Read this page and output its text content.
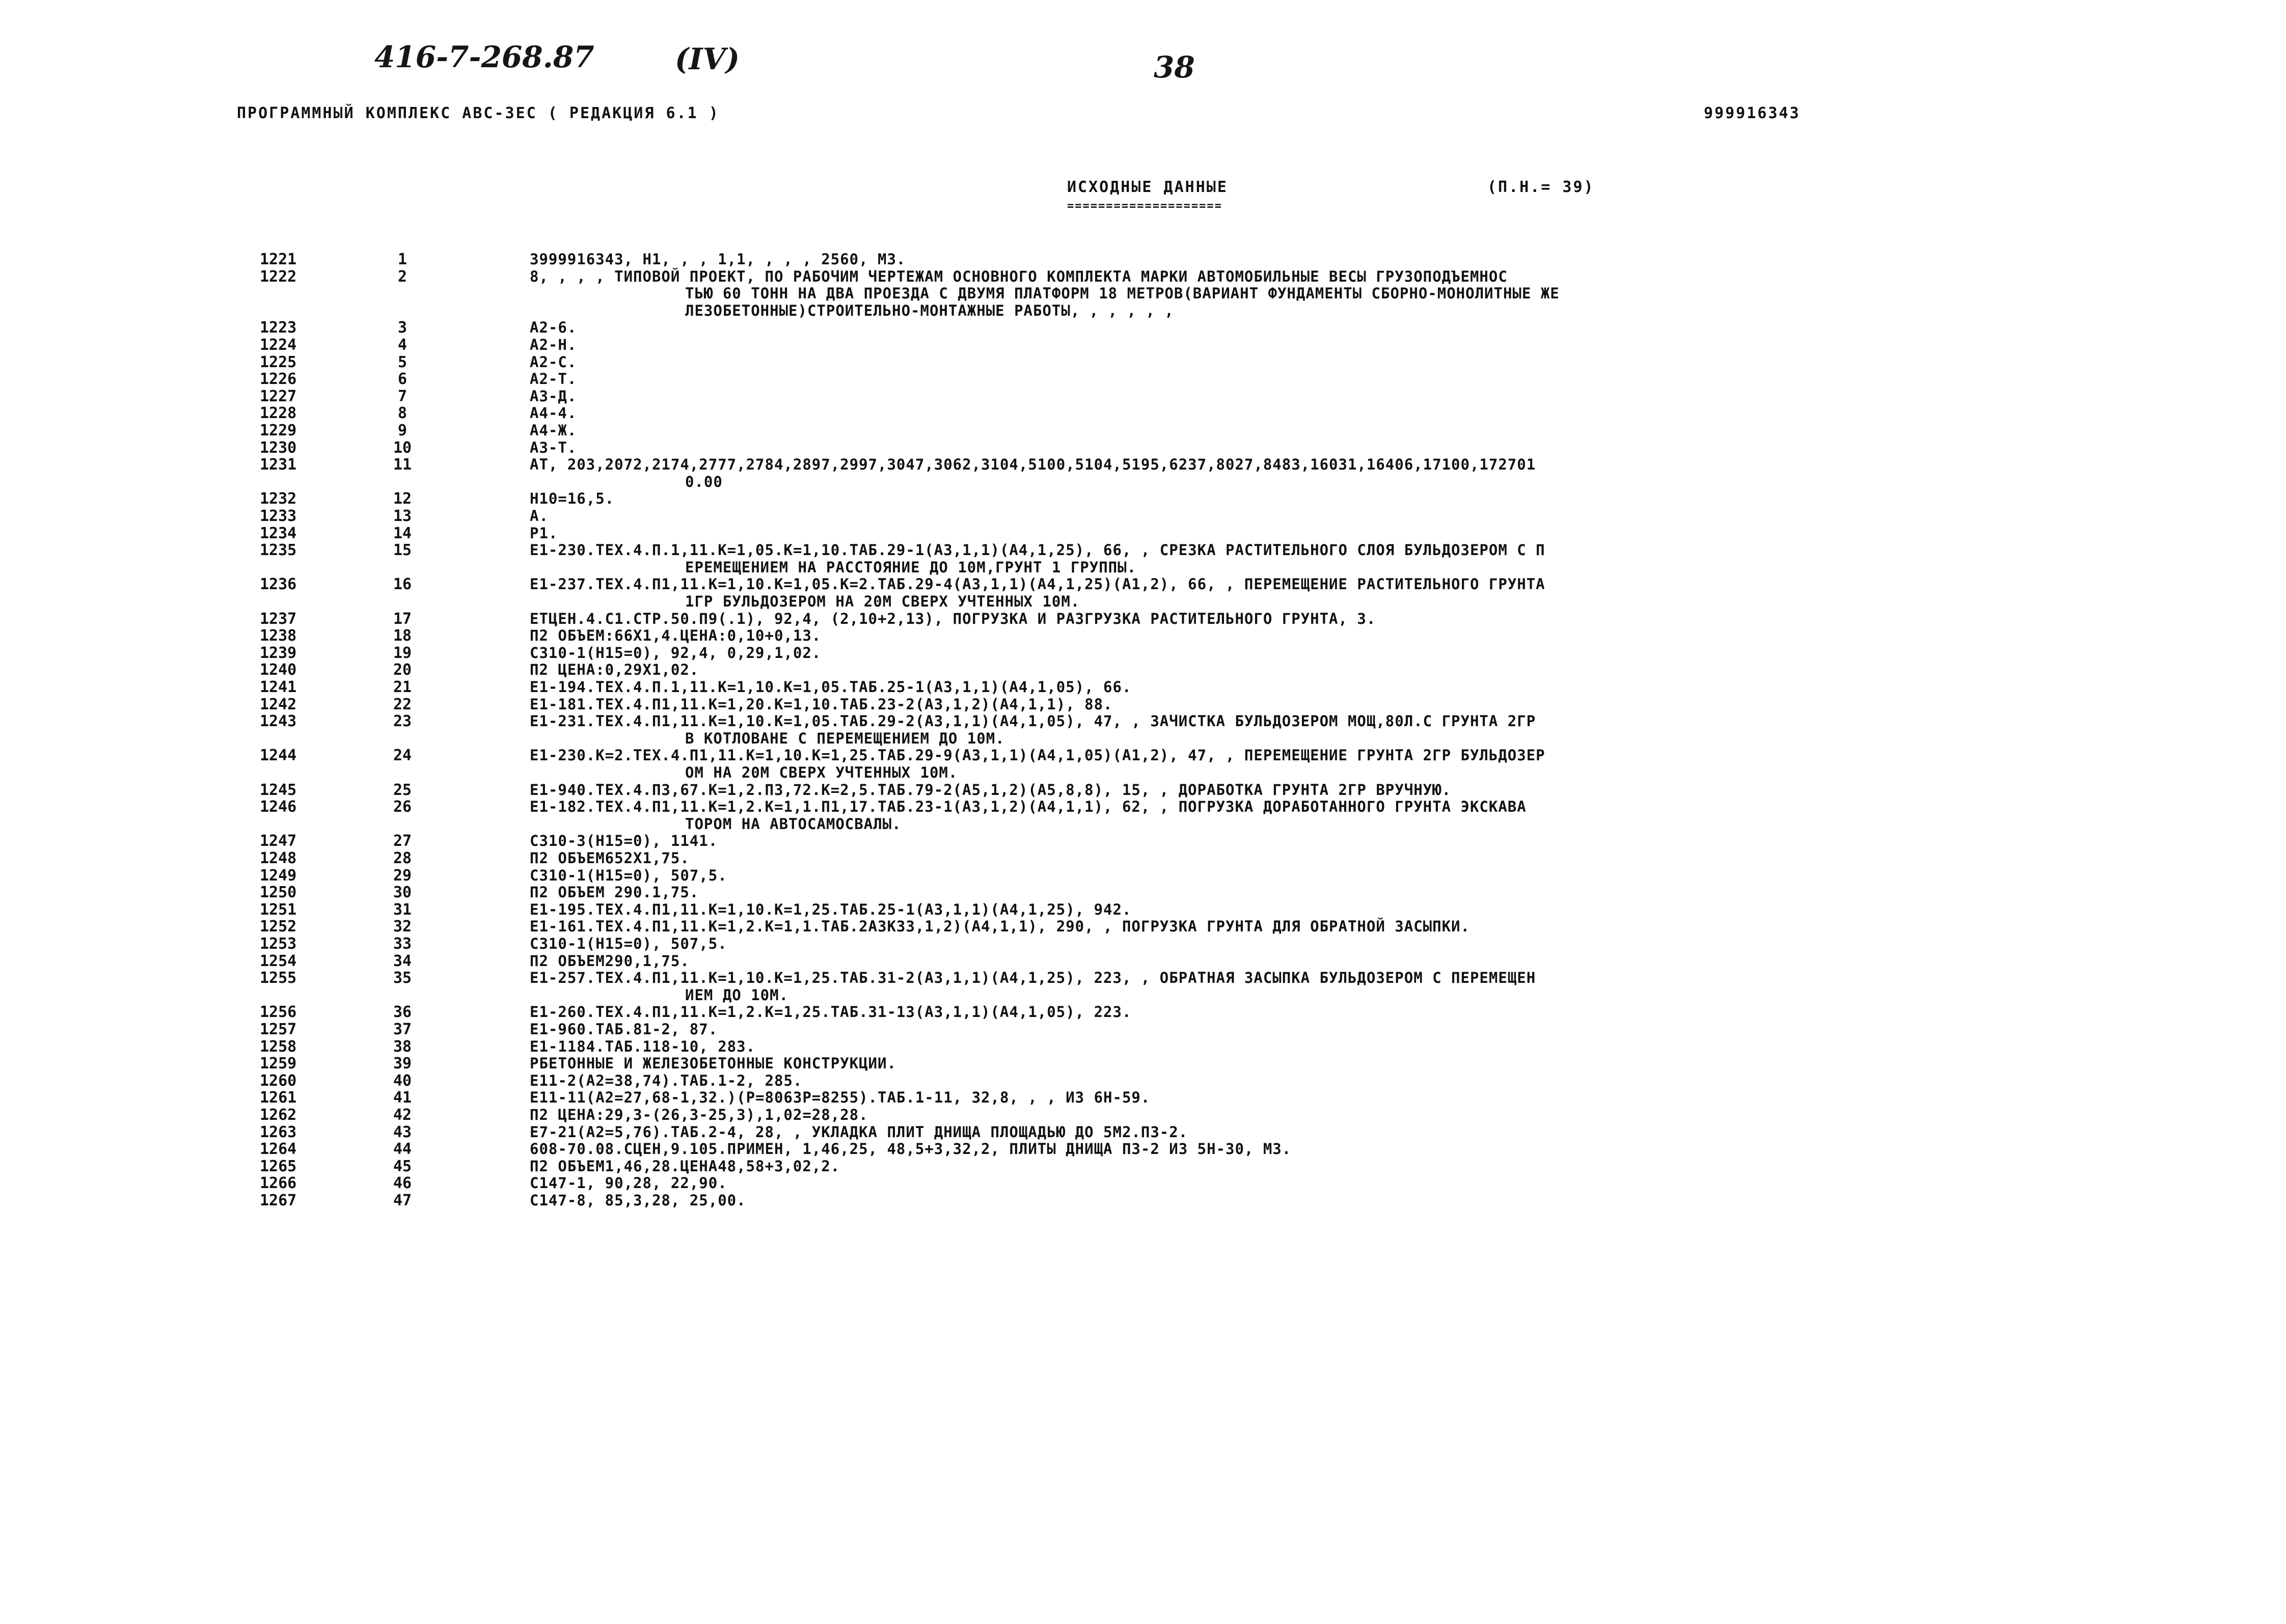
416-7-268.87	(IV)	38
ПРОГРАММНЫЙ КОМПЛЕКС АВС-3ЕС ( РЕДАКЦИЯ 6.1 )	999916343
ИСХОДНЫЕ ДАННЫЕ
====================
(П.Н.= 39)
1221	1	3999916343, Н1, , , 1,1, , , , 2560, М3.
1222	2	8, , , , ТИПОВОЙ ПРОЕКТ, ПО РАБОЧИМ ЧЕРТЕЖАМ ОСНОВНОГО КОМПЛЕКТА МАРКИ АВТОМОБИЛЬНЫЕ ВЕСЫ ГРУЗОПОДЪЕМНОС
ТЬЮ 60 ТОНН НА ДВА ПРОЕЗДА С ДВУМЯ ПЛАТФОРМ 18 МЕТРОВ(ВАРИАНТ ФУНДАМЕНТЫ СБОРНО-МОНОЛИТНЫЕ ЖЕ
ЛЕЗОБЕТОННЫЕ)СТРОИТЕЛЬНО-МОНТАЖНЫЕ РАБОТЫ, , , , , ,
1223	3	А2-6.
1224	4	А2-Н.
1225	5	А2-С.
1226	6	А2-Т.
1227	7	А3-Д.
1228	8	А4-4.
1229	9	А4-Ж.
1230	10	А3-Т.
1231	11	АТ, 203,2072,2174,2777,2784,2897,2997,3047,3062,3104,5100,5104,5195,6237,8027,8483,16031,16406,17100,172701
0.00
1232	12	Н10=16,5.
1233	13	А.
1234	14	Р1.
1235	15	Е1-230.ТЕХ.4.П.1,11.К=1,05.К=1,10.ТАБ.29-1(А3,1,1)(А4,1,25), 66, , СРЕЗКА РАСТИТЕЛЬНОГО СЛОЯ БУЛЬДОЗЕРОМ С П
ЕРЕМЕЩЕНИЕМ НА РАССТОЯНИЕ ДО 10М,ГРУНТ 1 ГРУППЫ.
1236	16	Е1-237.ТЕХ.4.П1,11.К=1,10.К=1,05.К=2.ТАБ.29-4(А3,1,1)(А4,1,25)(А1,2), 66, , ПЕРЕМЕЩЕНИЕ РАСТИТЕЛЬНОГО ГРУНТА
1ГР БУЛЬДОЗЕРОМ НА 20М СВЕРХ УЧТЕННЫХ 10М.
1237	17	ЕТЦЕН.4.С1.СТР.50.П9(.1), 92,4, (2,10+2,13), ПОГРУЗКА И РАЗГРУЗКА РАСТИТЕЛЬНОГО ГРУНТА, 3.
1238	18	П2 ОБЪЕМ:66Х1,4.ЦЕНА:0,10+0,13.
1239	19	С310-1(Н15=0), 92,4, 0,29,1,02.
1240	20	П2 ЦЕНА:0,29Х1,02.
1241	21	Е1-194.ТЕХ.4.П.1,11.К=1,10.К=1,05.ТАБ.25-1(А3,1,1)(А4,1,05), 66.
1242	22	Е1-181.ТЕХ.4.П1,11.К=1,20.К=1,10.ТАБ.23-2(А3,1,2)(А4,1,1), 88.
1243	23	Е1-231.ТЕХ.4.П1,11.К=1,10.К=1,05.ТАБ.29-2(А3,1,1)(А4,1,05), 47, , ЗАЧИСТКА БУЛЬДОЗЕРОМ МОЩ,80Л.С ГРУНТА 2ГР
В КОТЛОВАНЕ С ПЕРЕМЕЩЕНИЕМ ДО 10М.
1244	24	Е1-230.К=2.ТЕХ.4.П1,11.К=1,10.К=1,25.ТАБ.29-9(А3,1,1)(А4,1,05)(А1,2), 47, , ПЕРЕМЕЩЕНИЕ ГРУНТА 2ГР БУЛЬДОЗЕР
ОМ НА 20М СВЕРХ УЧТЕННЫХ 10М.
1245	25	Е1-940.ТЕХ.4.П3,67.К=1,2.П3,72.К=2,5.ТАБ.79-2(А5,1,2)(А5,8,8), 15, , ДОРАБОТКА ГРУНТА 2ГР ВРУЧНУЮ.
1246	26	Е1-182.ТЕХ.4.П1,11.К=1,2.К=1,1.П1,17.ТАБ.23-1(А3,1,2)(А4,1,1), 62, , ПОГРУЗКА ДОРАБОТАННОГО ГРУНТА ЭКСКАВА
ТОРОМ НА АВТОСАМОСВАЛЫ.
1247	27	С310-3(Н15=0), 1141.
1248	28	П2 ОБЪЕМ652Х1,75.
1249	29	С310-1(Н15=0), 507,5.
1250	30	П2 ОБЪЕМ 290.1,75.
1251	31	Е1-195.ТЕХ.4.П1,11.К=1,10.К=1,25.ТАБ.25-1(А3,1,1)(А4,1,25), 942.
1252	32	Е1-161.ТЕХ.4.П1,11.К=1,2.К=1,1.ТАБ.2А3К33,1,2)(А4,1,1), 290, , ПОГРУЗКА ГРУНТА ДЛЯ ОБРАТНОЙ ЗАСЫПКИ.
1253	33	С310-1(Н15=0), 507,5.
1254	34	П2 ОБЪЕМ290,1,75.
1255	35	Е1-257.ТЕХ.4.П1,11.К=1,10.К=1,25.ТАБ.31-2(А3,1,1)(А4,1,25), 223, , ОБРАТНАЯ ЗАСЫПКА БУЛЬДОЗЕРОМ С ПЕРЕМЕЩЕН
ИЕМ ДО 10М.
1256	36	Е1-260.ТЕХ.4.П1,11.К=1,2.К=1,25.ТАБ.31-13(А3,1,1)(А4,1,05), 223.
1257	37	Е1-960.ТАБ.81-2, 87.
1258	38	Е1-1184.ТАБ.118-10, 283.
1259	39	РБЕТОННЫЕ И ЖЕЛЕЗОБЕТОННЫЕ КОНСТРУКЦИИ.
1260	40	Е11-2(А2=38,74).ТАБ.1-2, 285.
1261	41	Е11-11(А2=27,68-1,32.)(Р=8063Р=8255).ТАБ.1-11, 32,8, , , ИЗ 6Н-59.
1262	42	П2 ЦЕНА:29,3-(26,3-25,3),1,02=28,28.
1263	43	Е7-21(А2=5,76).ТАБ.2-4, 28, , УКЛАДКА ПЛИТ ДНИЩА ПЛОЩАДЬЮ ДО 5М2.П3-2.
1264	44	608-70.08.СЦЕН,9.105.ПРИМЕН, 1,46,25, 48,5+3,32,2, ПЛИТЫ ДНИЩА П3-2 ИЗ 5Н-30, М3.
1265	45	П2 ОБЪЕМ1,46,28.ЦЕНА48,58+3,02,2.
1266	46	С147-1, 90,28, 22,90.
1267	47	С147-8, 85,3,28, 25,00.
